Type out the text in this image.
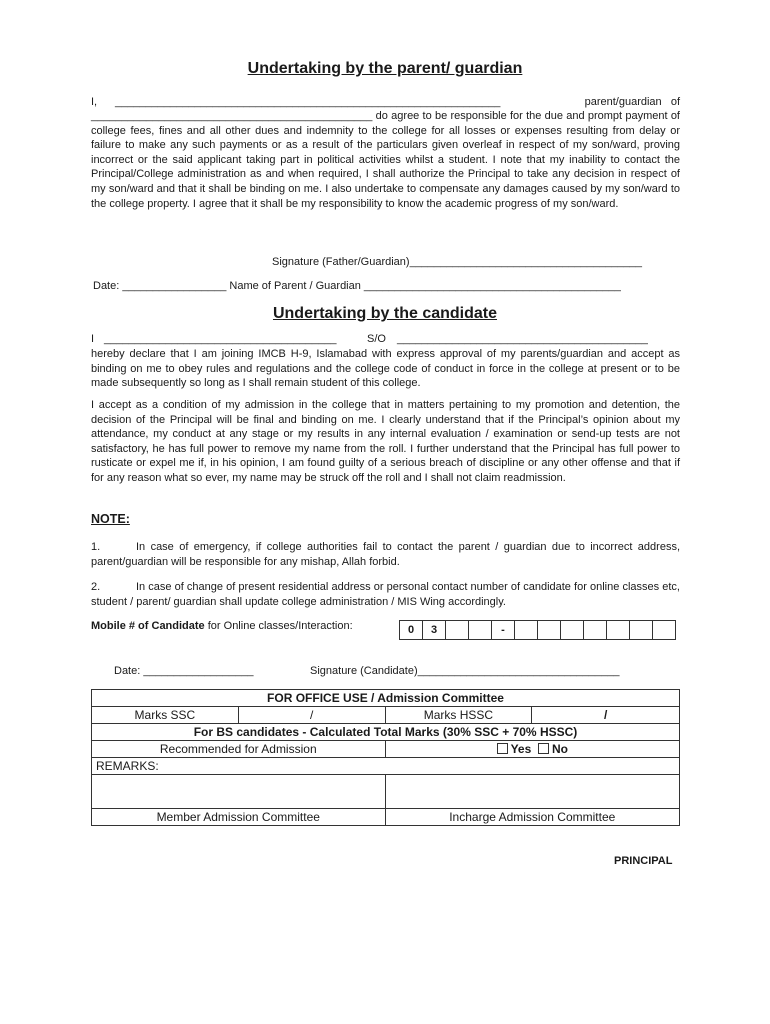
Undertaking by the parent/ guardian

I, _______________________________________________________________	parent/guardian   of

______________________________________________ do agree to be responsible for the due and prompt payment of college fees, fines and all other dues and indemnity to the college for all losses or expenses resulting from delay or failure to make any such payments or as a result of the particulars given overleaf in respect of my son/ward, proving incorrect or the said applicant taking part in political activities whilst a student. I note that my inability to contact the Principal/College administration as and when required, I shall authorize the Principal to take any decision in respect of my son/ward and that it shall be binding on me. I also undertake to compensate any damages caused by my son/ward to the college property. I agree that it shall be my responsibility to know the academic progress of my son/ward.

Signature (Father/Guardian)______________________________________

Date: _________________ Name of Parent / Guardian __________________________________________

Undertaking by the candidate

I ______________________________________	S/O _________________________________________

hereby declare that I am joining IMCB H-9, Islamabad with express approval of my parents/guardian and accept as binding on me to obey rules and regulations and the college code of conduct in force in the college at present or to be made subsequently so long as I shall remain student of this college.

I accept as a condition of my admission in the college that in matters pertaining to my promotion and detention, the decision of the Principal will be final and binding on me. I clearly understand that if the Principal’s opinion about my attendance, my conduct at any stage or my results in any internal evaluation / examination or send-up tests are not satisfactory, he has full power to remove my name from the roll. I further understand that the Principal has full power to rusticate or expel me if, in his opinion, I am found guilty of a serious breach of discipline or any other offense and that if for any reason what so ever, my name may be struck off the roll and I shall not claim readmission.

NOTE:

1.	In case of emergency, if college authorities fail to contact the parent / guardian due to incorrect address, parent/guardian will be responsible for any mishap, Allah forbid.

2.	In case of change of present residential address or personal contact number of candidate for online classes etc, student / parent/ guardian shall update college administration / MIS Wing accordingly.

Mobile # of Candidate for Online classes/Interaction:	0	3	-

Date: __________________	Signature (Candidate)_________________________________

FOR OFFICE USE / Admission Committee			
Marks SSC	/	Marks HSSC	/
For BS candidates - Calculated Total Marks (30% SSC + 70% HSSC)			
Recommended for Admission		Yes No	
REMARKS:			

Member Admission Committee		Incharge Admission Committee	
PRINCIPAL
